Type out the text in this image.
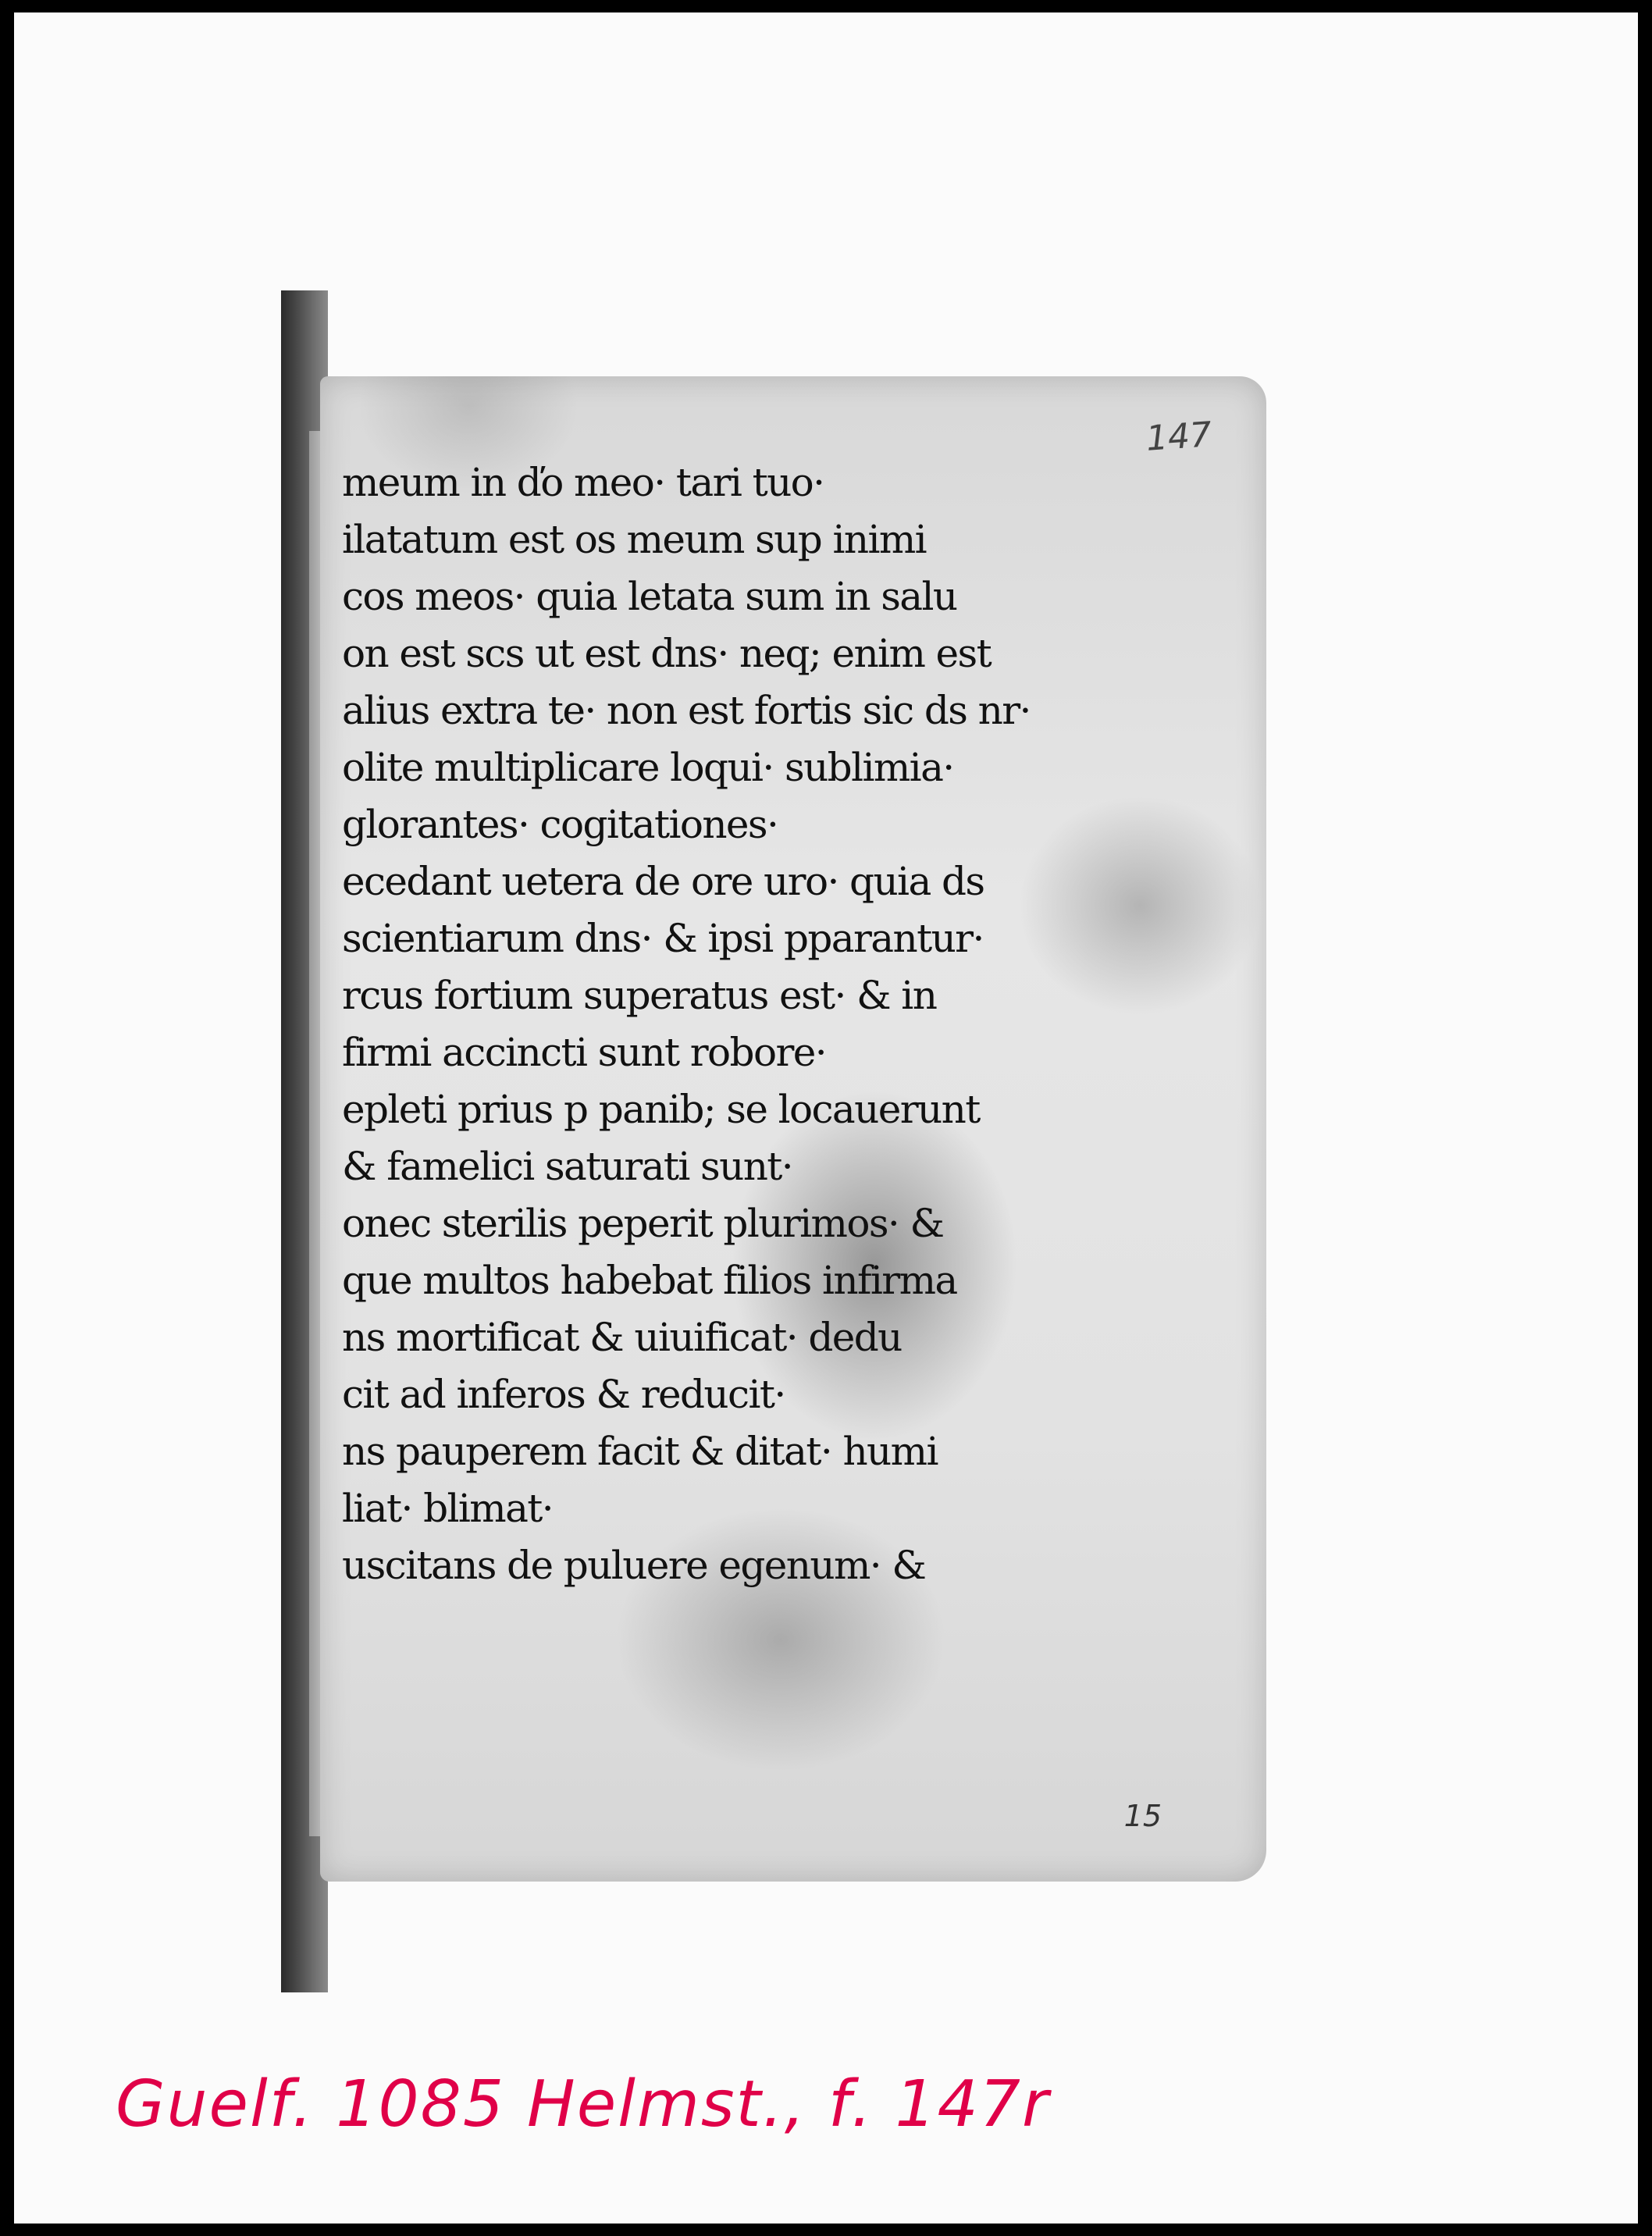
147
meum in ďo meo· tari tuo·
ilatatum est os meum sup inimi
cos meos· quia letata sum in salu
on est scs ut est dns· neq; enim est
alius extra te· non est fortis sic ds nr·
olite multiplicare loqui· sublimia·
glorantes· cogitationes·
ecedant uetera de ore uro· quia ds
scientiarum dns· & ipsi pparantur·
rcus fortium superatus est· & in
firmi accincti sunt robore·
epleti prius p panib; se locauerunt
& famelici saturati sunt·
onec sterilis peperit plurimos· &
que multos habebat filios infirma
ns mortificat & uiuificat· dedu
cit ad inferos & reducit·
ns pauperem facit & ditat· humi
liat· blimat·
uscitans de puluere egenum· &
15
Guelf. 1085 Helmst., f. 147r
